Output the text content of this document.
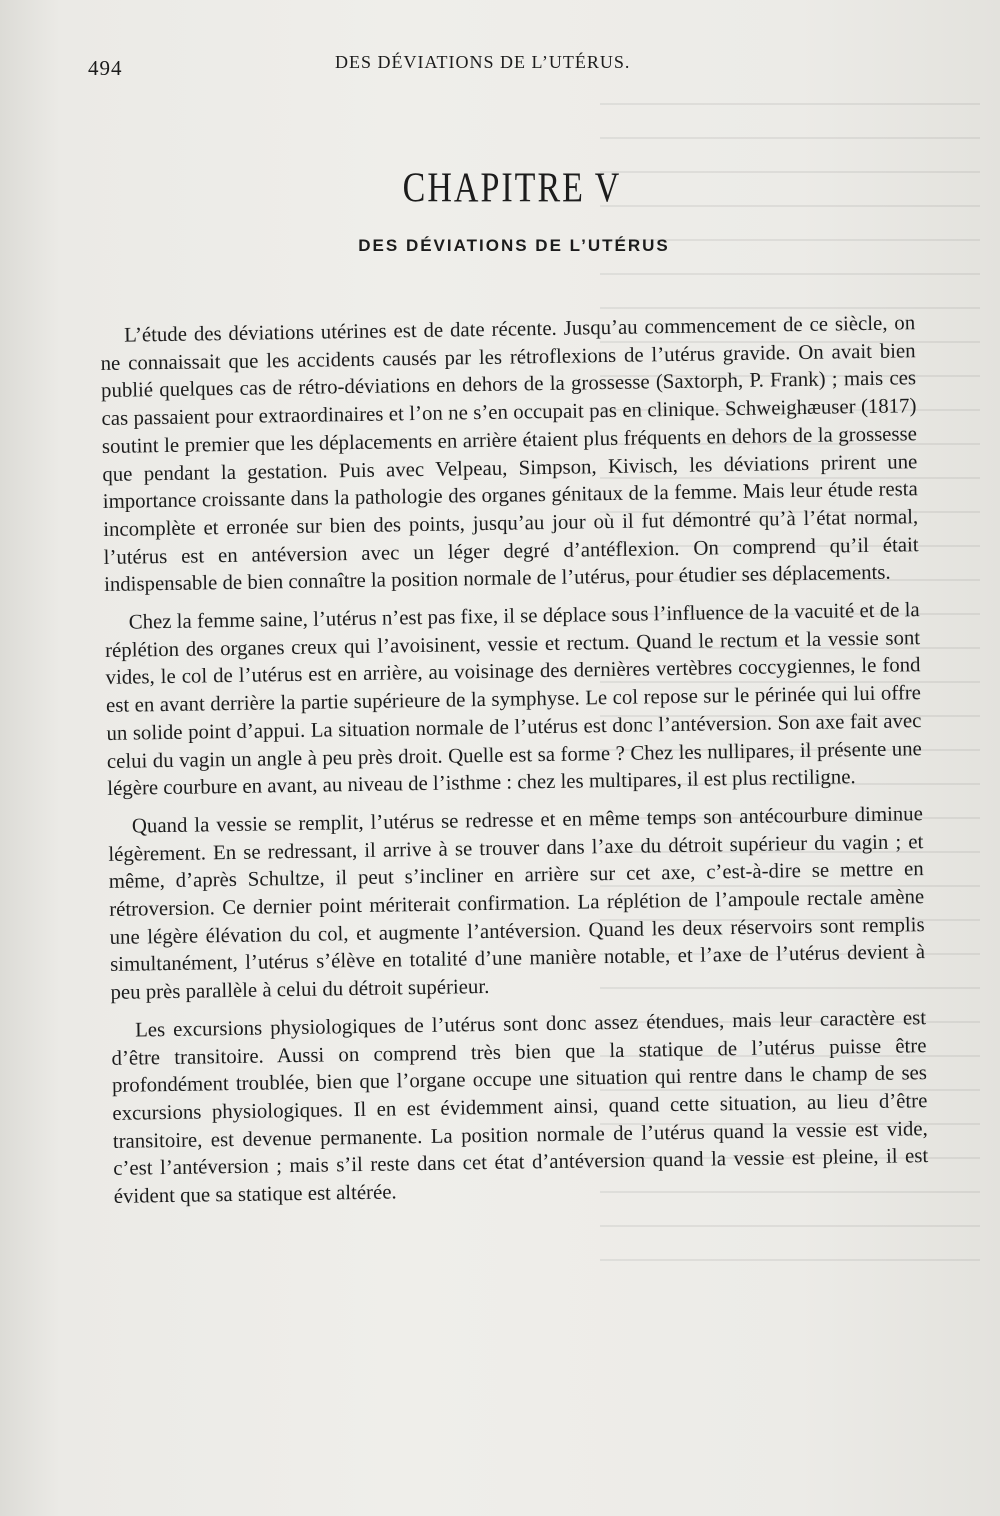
494	DES DÉVIATIONS DE L’UTÉRUS.
CHAPITRE V
DES DÉVIATIONS DE L’UTÉRUS

L’étude des déviations utérines est de date récente. Jusqu’au commencement de ce siècle, on ne connaissait que les accidents causés par les rétroflexions de l’utérus gravide. On avait bien publié quelques cas de rétro-déviations en dehors de la grossesse (Saxtorph, P. Frank) ; mais ces cas passaient pour extraordinaires et l’on ne s’en occupait pas en clinique. Schweighæuser (1817) soutint le premier que les déplacements en arrière étaient plus fréquents en dehors de la grossesse que pendant la gestation. Puis avec Velpeau, Simpson, Kivisch, les déviations prirent une importance croissante dans la pathologie des organes génitaux de la femme. Mais leur étude resta incomplète et erronée sur bien des points, jusqu’au jour où il fut démontré qu’à l’état normal, l’utérus est en antéversion avec un léger degré d’antéflexion. On comprend qu’il était indispensable de bien connaître la position normale de l’utérus, pour étudier ses déplacements.

Chez la femme saine, l’utérus n’est pas fixe, il se déplace sous l’influence de la vacuité et de la réplétion des organes creux qui l’avoisinent, vessie et rectum. Quand le rectum et la vessie sont vides, le col de l’utérus est en arrière, au voisinage des dernières vertèbres coccygiennes, le fond est en avant derrière la partie supérieure de la symphyse. Le col repose sur le périnée qui lui offre un solide point d’appui. La situation normale de l’utérus est donc l’antéversion. Son axe fait avec celui du vagin un angle à peu près droit. Quelle est sa forme ? Chez les nullipares, il présente une légère courbure en avant, au niveau de l’isthme : chez les multipares, il est plus rectiligne.

Quand la vessie se remplit, l’utérus se redresse et en même temps son antécourbure diminue légèrement. En se redressant, il arrive à se trouver dans l’axe du détroit supérieur du vagin ; et même, d’après Schultze, il peut s’incliner en arrière sur cet axe, c’est-à-dire se mettre en rétroversion. Ce dernier point mériterait confirmation. La réplétion de l’ampoule rectale amène une légère élévation du col, et augmente l’antéversion. Quand les deux réservoirs sont remplis simultanément, l’utérus s’élève en totalité d’une manière notable, et l’axe de l’utérus devient à peu près parallèle à celui du détroit supérieur.

Les excursions physiologiques de l’utérus sont donc assez étendues, mais leur caractère est d’être transitoire. Aussi on comprend très bien que la statique de l’utérus puisse être profondément troublée, bien que l’organe occupe une situation qui rentre dans le champ de ses excursions physiologiques. Il en est évidemment ainsi, quand cette situation, au lieu d’être transitoire, est devenue permanente. La position normale de l’utérus quand la vessie est vide, c’est l’antéversion ; mais s’il reste dans cet état d’antéversion quand la vessie est pleine, il est évident que sa statique est altérée.
